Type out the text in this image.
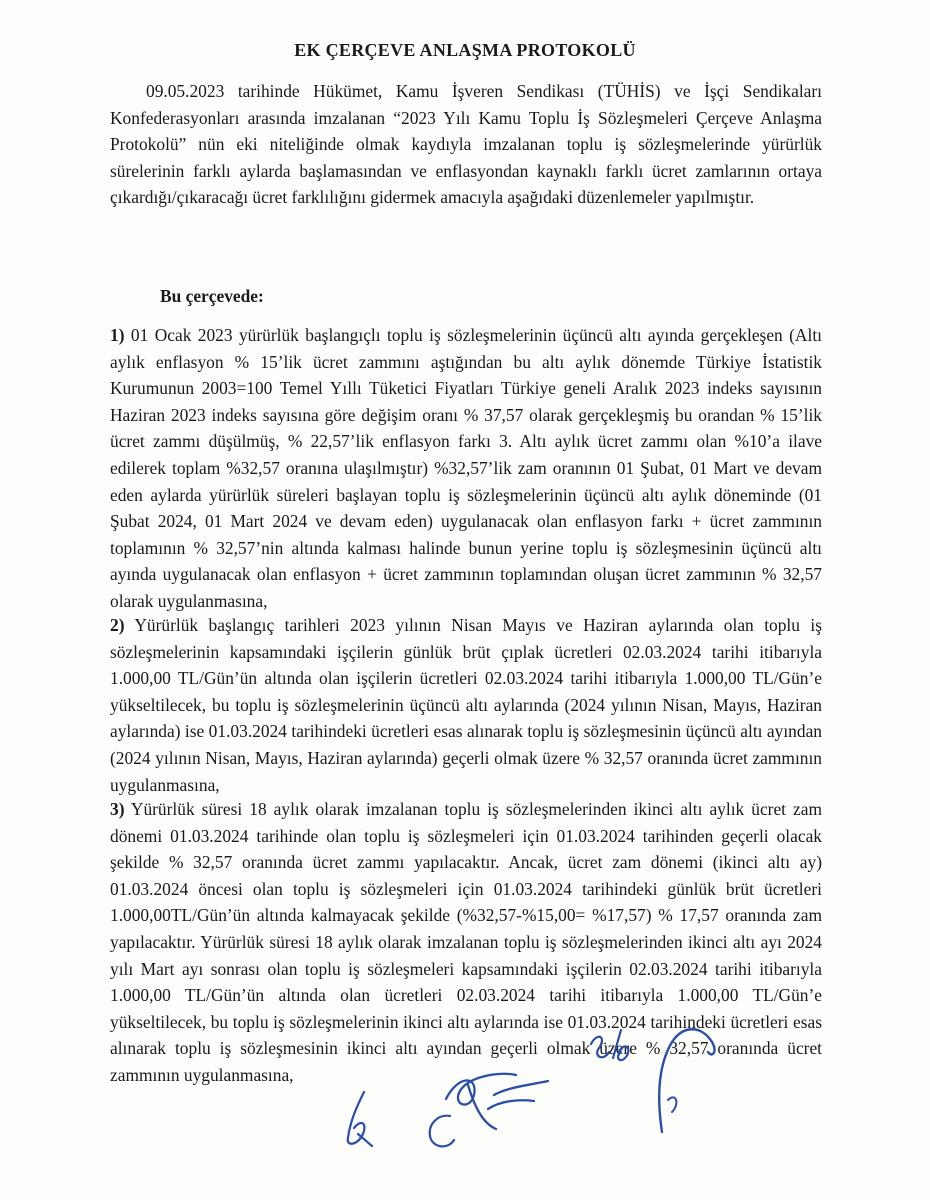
EK ÇERÇEVE ANLAŞMA PROTOKOLÜ
09.05.2023 tarihinde Hükümet, Kamu İşveren Sendikası (TÜHİS) ve İşçi Sendikaları Konfederasyonları arasında imzalanan “2023 Yılı Kamu Toplu İş Sözleşmeleri Çerçeve Anlaşma Protokolü” nün eki niteliğinde olmak kaydıyla imzalanan toplu iş sözleşmelerinde yürürlük sürelerinin farklı aylarda başlamasından ve enflasyondan kaynaklı farklı ücret zamlarının ortaya çıkardığı/çıkaracağı ücret farklılığını gidermek amacıyla aşağıdaki düzenlemeler yapılmıştır.
Bu çerçevede:
1) 01 Ocak 2023 yürürlük başlangıçlı toplu iş sözleşmelerinin üçüncü altı ayında gerçekleşen (Altı aylık enflasyon % 15’lik ücret zammını aştığından bu altı aylık dönemde Türkiye İstatistik Kurumunun 2003=100 Temel Yıllı Tüketici Fiyatları Türkiye geneli Aralık 2023 indeks sayısının Haziran 2023 indeks sayısına göre değişim oranı % 37,57 olarak gerçekleşmiş bu orandan % 15’lik ücret zammı düşülmüş, % 22,57’lik enflasyon farkı 3. Altı aylık ücret zammı olan %10’a ilave edilerek toplam %32,57 oranına ulaşılmıştır) %32,57’lik zam oranının 01 Şubat, 01 Mart ve devam eden aylarda yürürlük süreleri başlayan toplu iş sözleşmelerinin üçüncü altı aylık döneminde (01 Şubat 2024, 01 Mart 2024 ve devam eden) uygulanacak olan enflasyon farkı + ücret zammının toplamının % 32,57’nin altında kalması halinde bunun yerine toplu iş sözleşmesinin üçüncü altı ayında uygulanacak olan enflasyon + ücret zammının toplamından oluşan ücret zammının % 32,57 olarak uygulanmasına,
2) Yürürlük başlangıç tarihleri 2023 yılının Nisan Mayıs ve Haziran aylarında olan toplu iş sözleşmelerinin kapsamındaki işçilerin günlük brüt çıplak ücretleri 02.03.2024 tarihi itibarıyla 1.000,00 TL/Gün’ün altında olan işçilerin ücretleri 02.03.2024 tarihi itibarıyla 1.000,00 TL/Gün’e yükseltilecek, bu toplu iş sözleşmelerinin üçüncü altı aylarında (2024 yılının Nisan, Mayıs, Haziran aylarında) ise 01.03.2024 tarihindeki ücretleri esas alınarak toplu iş sözleşmesinin üçüncü altı ayından (2024 yılının Nisan, Mayıs, Haziran aylarında) geçerli olmak üzere % 32,57 oranında ücret zammının uygulanmasına,
3) Yürürlük süresi 18 aylık olarak imzalanan toplu iş sözleşmelerinden ikinci altı aylık ücret zam dönemi 01.03.2024 tarihinde olan toplu iş sözleşmeleri için 01.03.2024 tarihinden geçerli olacak şekilde % 32,57 oranında ücret zammı yapılacaktır. Ancak, ücret zam dönemi (ikinci altı ay) 01.03.2024 öncesi olan toplu iş sözleşmeleri için 01.03.2024 tarihindeki günlük brüt ücretleri 1.000,00TL/Gün’ün altında kalmayacak şekilde (%32,57-%15,00= %17,57) % 17,57 oranında zam yapılacaktır. Yürürlük süresi 18 aylık olarak imzalanan toplu iş sözleşmelerinden ikinci altı ayı 2024 yılı Mart ayı sonrası olan toplu iş sözleşmeleri kapsamındaki işçilerin 02.03.2024 tarihi itibarıyla 1.000,00 TL/Gün’ün altında olan ücretleri 02.03.2024 tarihi itibarıyla 1.000,00 TL/Gün’e yükseltilecek, bu toplu iş sözleşmelerinin ikinci altı aylarında ise 01.03.2024 tarihindeki ücretleri esas alınarak toplu iş sözleşmesinin ikinci altı ayından geçerli olmak üzere % 32,57 oranında ücret zammının uygulanmasına,
